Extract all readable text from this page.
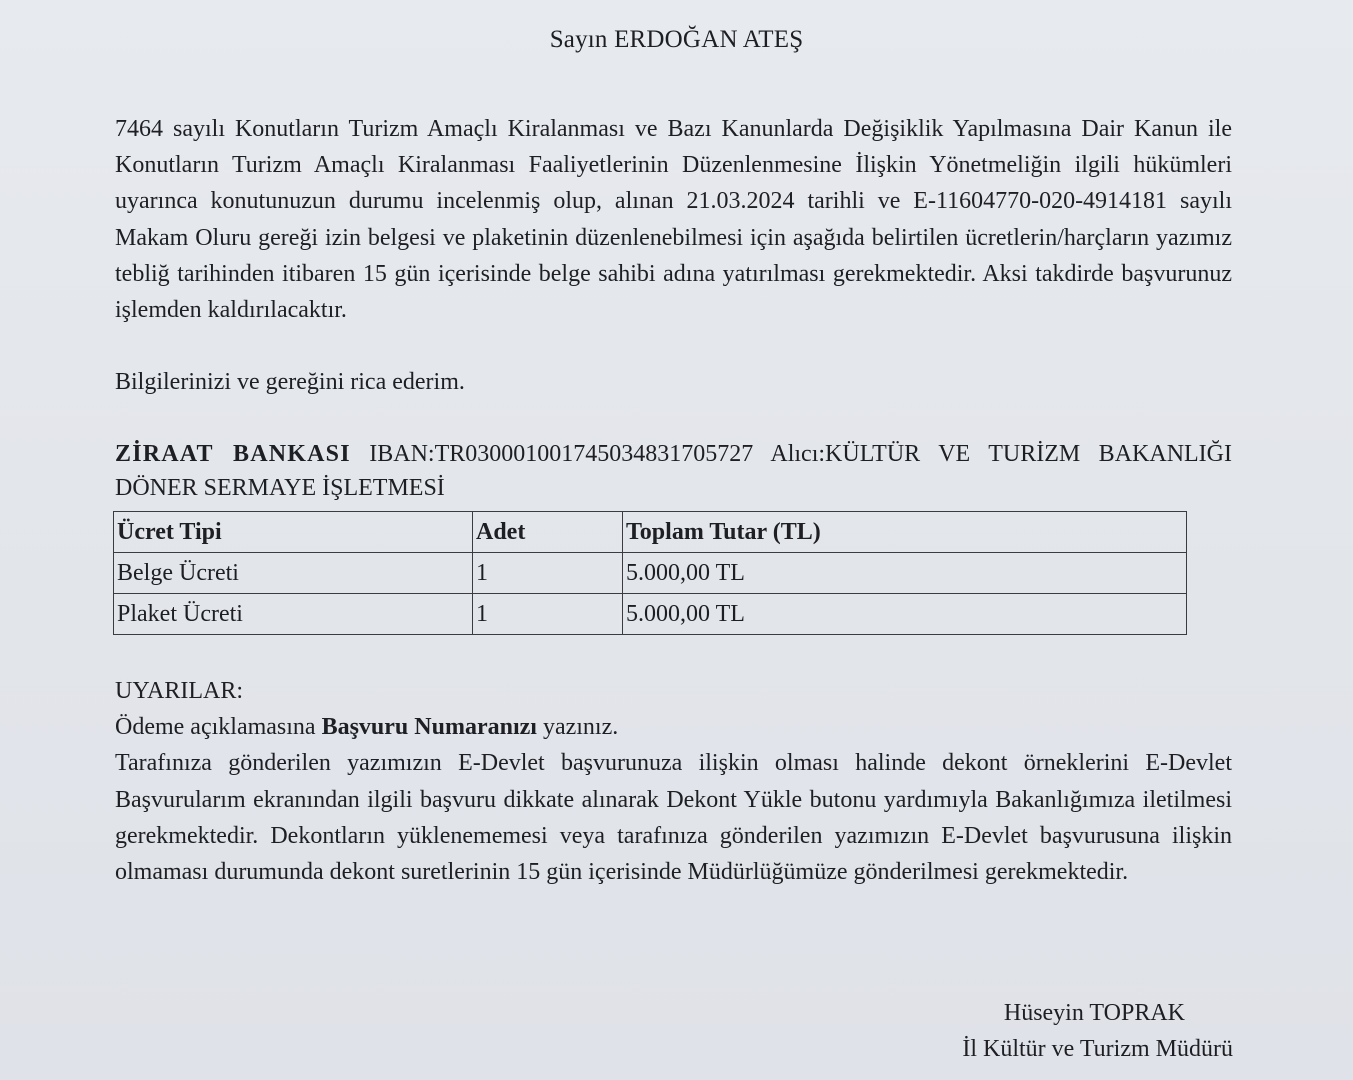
Sayın ERDOĞAN ATEŞ

7464 sayılı Konutların Turizm Amaçlı Kiralanması ve Bazı Kanunlarda Değişiklik Yapılmasına Dair Kanun ile Konutların Turizm Amaçlı Kiralanması Faaliyetlerinin Düzenlenmesine İlişkin Yönetmeliğin ilgili hükümleri uyarınca konutunuzun durumu incelenmiş olup, alınan 21.03.2024 tarihli ve E-11604770-020-4914181 sayılı Makam Oluru gereği izin belgesi ve plaketinin düzenlenebilmesi için aşağıda belirtilen ücretlerin/harçların yazımız tebliğ tarihinden itibaren 15 gün içerisinde belge sahibi adına yatırılması gerekmektedir. Aksi takdirde başvurunuz işlemden kaldırılacaktır.

Bilgilerinizi ve gereğini rica ederim.

ZİRAAT BANKASI IBAN:TR030001001745034831705727 Alıcı:KÜLTÜR VE TURİZM BAKANLIĞI DÖNER SERMAYE İŞLETMESİ
Ücret Tipi	Adet	Toplam Tutar (TL)
Belge Ücreti	1	5.000,00 TL
Plaket Ücreti	1	5.000,00 TL
UYARILAR:
Ödeme açıklamasına Başvuru Numaranızı yazınız.
Tarafınıza gönderilen yazımızın E-Devlet başvurunuza ilişkin olması halinde dekont örneklerini E-Devlet Başvurularım ekranından ilgili başvuru dikkate alınarak Dekont Yükle butonu yardımıyla Bakanlığımıza iletilmesi gerekmektedir. Dekontların yüklenememesi veya tarafınıza gönderilen yazımızın E-Devlet başvurusuna ilişkin olmaması durumunda dekont suretlerinin 15 gün içerisinde Müdürlüğümüze gönderilmesi gerekmektedir.
Hüseyin TOPRAK
İl Kültür ve Turizm Müdürü
